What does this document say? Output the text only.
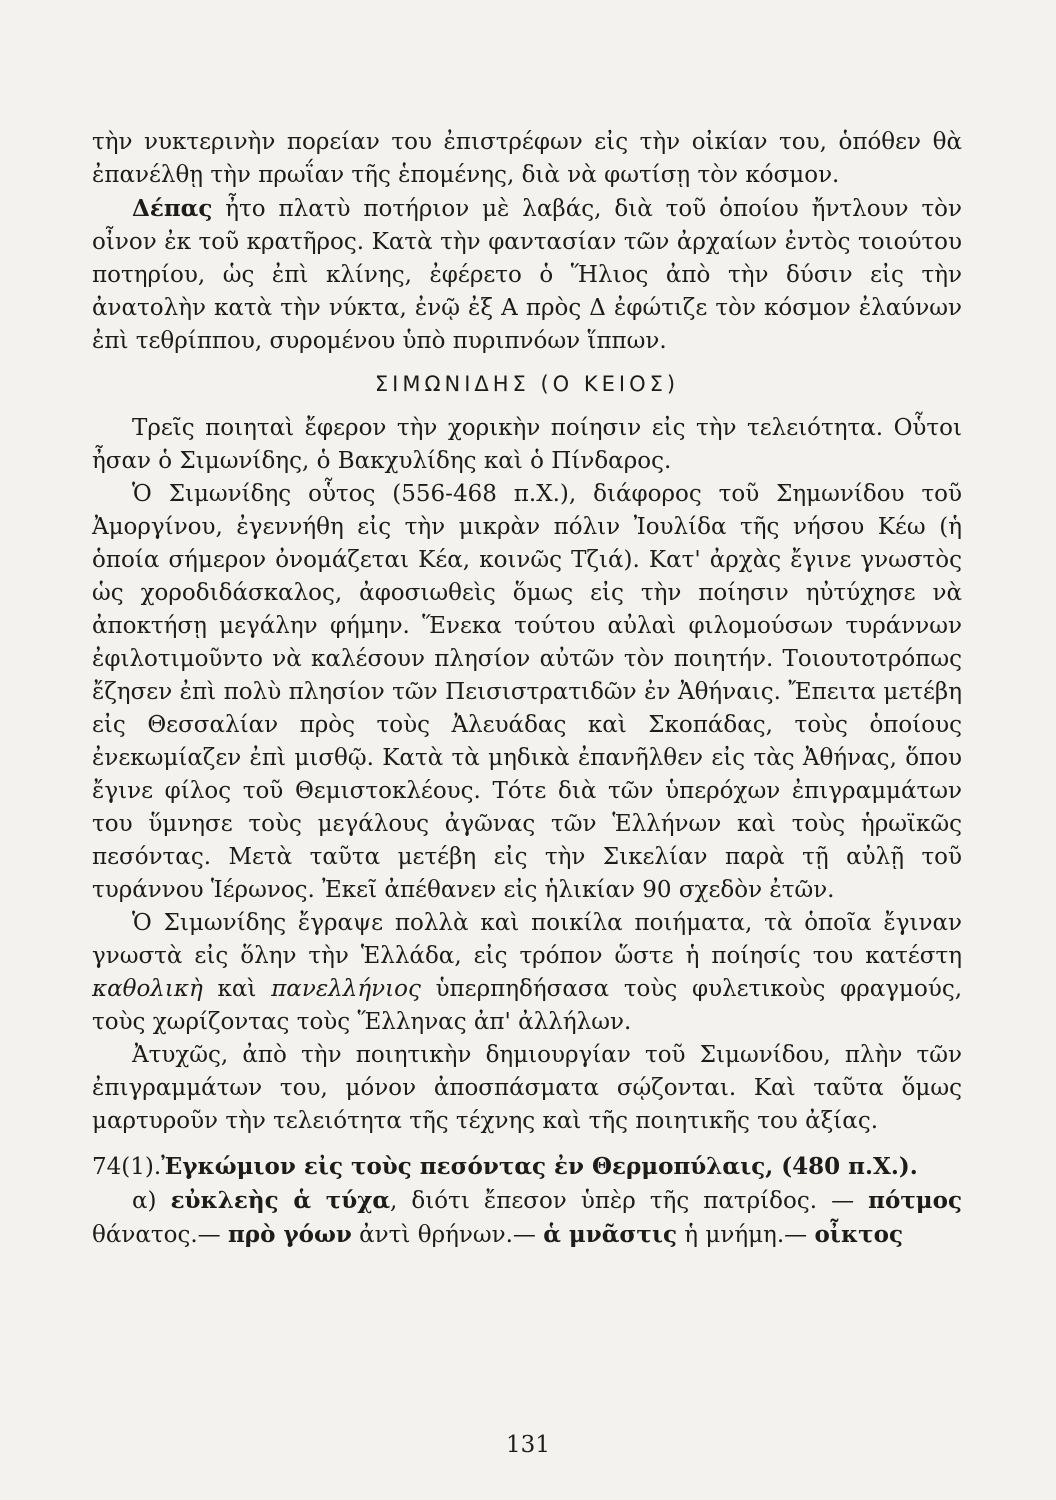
τὴν νυκτερινὴν πορείαν του ἐπιστρέφων εἰς τὴν οἰκίαν του, ὁπόθεν θὰ ἐπανέλθῃ τὴν πρωΐαν τῆς ἑπομένης, διὰ νὰ φωτίσῃ τὸν κόσμον.

Δέπας ἦτο πλατὺ ποτήριον μὲ λαβάς, διὰ τοῦ ὁποίου ἤντλουν τὸν οἶνον ἐκ τοῦ κρατῆρος. Κατὰ τὴν φαντασίαν τῶν ἀρχαίων ἐντὸς τοιούτου ποτηρίου, ὡς ἐπὶ κλίνης, ἐφέρετο ὁ Ἥλιος ἀπὸ τὴν δύσιν εἰς τὴν ἀνατολὴν κατὰ τὴν νύκτα, ἐνῷ ἐξ Α πρὸς Δ ἐφώτιζε τὸν κόσμον ἐλαύνων ἐπὶ τεθρίππου, συρομένου ὑπὸ πυριπνόων ἵππων.

ΣΙΜΩΝΙΔΗΣ (Ο ΚΕΙΟΣ)

Τρεῖς ποιηταὶ ἔφερον τὴν χορικὴν ποίησιν εἰς τὴν τελειότητα. Οὗτοι ἦσαν ὁ Σιμωνίδης, ὁ Βακχυλίδης καὶ ὁ Πίνδαρος.

Ὁ Σιμωνίδης οὗτος (556-468 π.Χ.), διάφορος τοῦ Σημωνίδου τοῦ Ἀμοργίνου, ἐγεννήθη εἰς τὴν μικρὰν πόλιν Ἰουλίδα τῆς νήσου Κέω (ἡ ὁποία σήμερον ὀνομάζεται Κέα, κοινῶς Τζιά). Κατ' ἀρχὰς ἔγινε γνωστὸς ὡς χοροδιδάσκαλος, ἀφοσιωθεὶς ὅμως εἰς τὴν ποίησιν ηὐτύχησε νὰ ἀποκτήσῃ μεγάλην φήμην. Ἕνεκα τούτου αὐλαὶ φιλομούσων τυράννων ἐφιλοτιμοῦντο νὰ καλέσουν πλησίον αὐτῶν τὸν ποιητήν. Τοιουτοτρόπως ἔζησεν ἐπὶ πολὺ πλησίον τῶν Πεισιστρατιδῶν ἐν Ἀθήναις. Ἔπειτα μετέβη εἰς Θεσσαλίαν πρὸς τοὺς Ἀλευάδας καὶ Σκοπάδας, τοὺς ὁποίους ἐνεκωμίαζεν ἐπὶ μισθῷ. Κατὰ τὰ μηδικὰ ἐπανῆλθεν εἰς τὰς Ἀθήνας, ὅπου ἔγινε φίλος τοῦ Θεμιστοκλέους. Τότε διὰ τῶν ὑπερόχων ἐπιγραμμάτων του ὕμνησε τοὺς μεγάλους ἀγῶνας τῶν Ἑλλήνων καὶ τοὺς ἡρωϊκῶς πεσόντας. Μετὰ ταῦτα μετέβη εἰς τὴν Σικελίαν παρὰ τῇ αὐλῇ τοῦ τυράννου Ἱέρωνος. Ἐκεῖ ἀπέθανεν εἰς ἡλικίαν 90 σχεδὸν ἐτῶν.

Ὁ Σιμωνίδης ἔγραψε πολλὰ καὶ ποικίλα ποιήματα, τὰ ὁποῖα ἔγιναν γνωστὰ εἰς ὅλην τὴν Ἑλλάδα, εἰς τρόπον ὥστε ἡ ποίησίς του κατέστη καθολικὴ καὶ πανελλήνιος ὑπερπηδήσασα τοὺς φυλετικοὺς φραγμούς, τοὺς χωρίζοντας τοὺς Ἕλληνας ἀπ' ἀλλήλων.

Ἀτυχῶς, ἀπὸ τὴν ποιητικὴν δημιουργίαν τοῦ Σιμωνίδου, πλὴν τῶν ἐπιγραμμάτων του, μόνον ἀποσπάσματα σῴζονται. Καὶ ταῦτα ὅμως μαρτυροῦν τὴν τελειότητα τῆς τέχνης καὶ τῆς ποιητικῆς του ἀξίας.

74(1).Ἐγκώμιον εἰς τοὺς πεσόντας ἐν Θερμοπύλαις, (480 π.Χ.).

α) εὐκλεὴς ἁ τύχα, διότι ἔπεσον ὑπὲρ τῆς πατρίδος. — πότμος θάνατος.— πρὸ γόων ἀντὶ θρήνων.— ἁ μνᾶστις ἡ μνήμη.— οἶκτος

131
